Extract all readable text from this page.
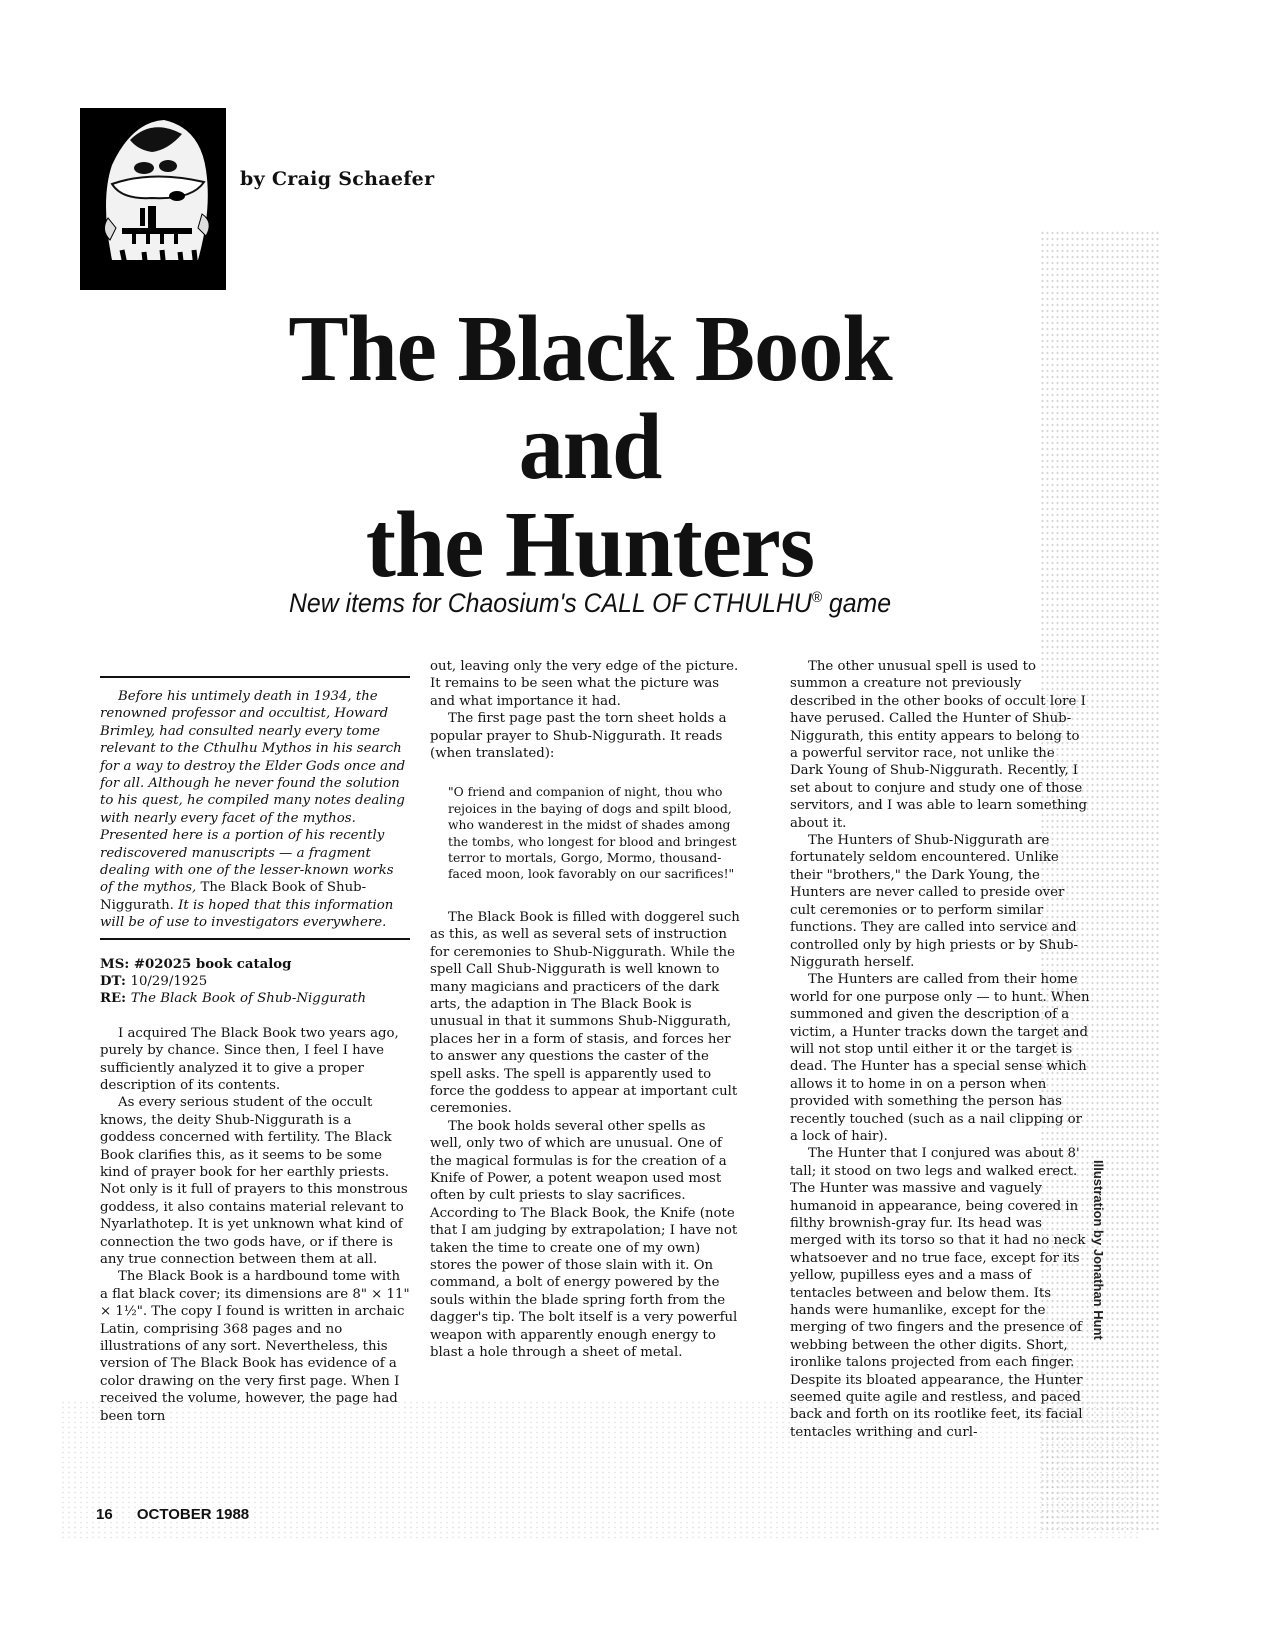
by Craig Schaefer
The Black Book
and
the Hunters
New items for Chaosium's CALL OF CTHULHU® game

Before his untimely death in 1934, the renowned professor and occultist, Howard Brimley, had consulted nearly every tome relevant to the Cthulhu Mythos in his search for a way to destroy the Elder Gods once and for all. Although he never found the solution to his quest, he compiled many notes dealing with nearly every facet of the mythos. Presented here is a portion of his recently rediscovered manuscripts — a fragment dealing with one of the lesser-known works of the mythos, The Black Book of Shub-Niggurath. It is hoped that this information will be of use to investigators everywhere.

MS: #02025 book catalog
DT: 10/29/1925
RE: The Black Book of Shub-Niggurath

I acquired The Black Book two years ago, purely by chance. Since then, I feel I have sufficiently analyzed it to give a proper description of its contents.

As every serious student of the occult knows, the deity Shub-Niggurath is a goddess concerned with fertility. The Black Book clarifies this, as it seems to be some kind of prayer book for her earthly priests. Not only is it full of prayers to this monstrous goddess, it also contains material relevant to Nyarlathotep. It is yet unknown what kind of connection the two gods have, or if there is any true connection between them at all.

The Black Book is a hardbound tome with a flat black cover; its dimensions are 8" × 11" × 1½". The copy I found is written in archaic Latin, comprising 368 pages and no illustrations of any sort. Nevertheless, this version of The Black Book has evidence of a color drawing on the very first page. When I received the volume, however, the page had been torn

out, leaving only the very edge of the picture. It remains to be seen what the picture was and what importance it had.

The first page past the torn sheet holds a popular prayer to Shub-Niggurath. It reads (when translated):

"O friend and companion of night, thou who rejoices in the baying of dogs and spilt blood, who wanderest in the midst of shades among the tombs, who longest for blood and bringest terror to mortals, Gorgo, Mormo, thousand-faced moon, look favorably on our sacrifices!"

The Black Book is filled with doggerel such as this, as well as several sets of instruction for ceremonies to Shub-Niggurath. While the spell Call Shub-Niggurath is well known to many magicians and practicers of the dark arts, the adaption in The Black Book is unusual in that it summons Shub-Niggurath, places her in a form of stasis, and forces her to answer any questions the caster of the spell asks. The spell is apparently used to force the goddess to appear at important cult ceremonies.

The book holds several other spells as well, only two of which are unusual. One of the magical formulas is for the creation of a Knife of Power, a potent weapon used most often by cult priests to slay sacrifices. According to The Black Book, the Knife (note that I am judging by extrapolation; I have not taken the time to create one of my own) stores the power of those slain with it. On command, a bolt of energy powered by the souls within the blade spring forth from the dagger's tip. The bolt itself is a very powerful weapon with apparently enough energy to blast a hole through a sheet of metal.

The other unusual spell is used to summon a creature not previously described in the other books of occult lore I have perused. Called the Hunter of Shub-Niggurath, this entity appears to belong to a powerful servitor race, not unlike the Dark Young of Shub-Niggurath. Recently, I set about to conjure and study one of those servitors, and I was able to learn something about it.

The Hunters of Shub-Niggurath are fortunately seldom encountered. Unlike their "brothers," the Dark Young, the Hunters are never called to preside over cult ceremonies or to perform similar functions. They are called into service and controlled only by high priests or by Shub-Niggurath herself.

The Hunters are called from their home world for one purpose only — to hunt. When summoned and given the description of a victim, a Hunter tracks down the target and will not stop until either it or the target is dead. The Hunter has a special sense which allows it to home in on a person when provided with something the person has recently touched (such as a nail clipping or a lock of hair).

The Hunter that I conjured was about 8' tall; it stood on two legs and walked erect. The Hunter was massive and vaguely humanoid in appearance, being covered in filthy brownish-gray fur. Its head was merged with its torso so that it had no neck whatsoever and no true face, except for its yellow, pupilless eyes and a mass of tentacles between and below them. Its hands were humanlike, except for the merging of two fingers and the presence of webbing between the other digits. Short, ironlike talons projected from each finger. Despite its bloated appearance, the Hunter seemed quite agile and restless, and paced back and forth on its rootlike feet, its facial tentacles writhing and curl-

Illustration by Jonathan Hunt
16 OCTOBER 1988
